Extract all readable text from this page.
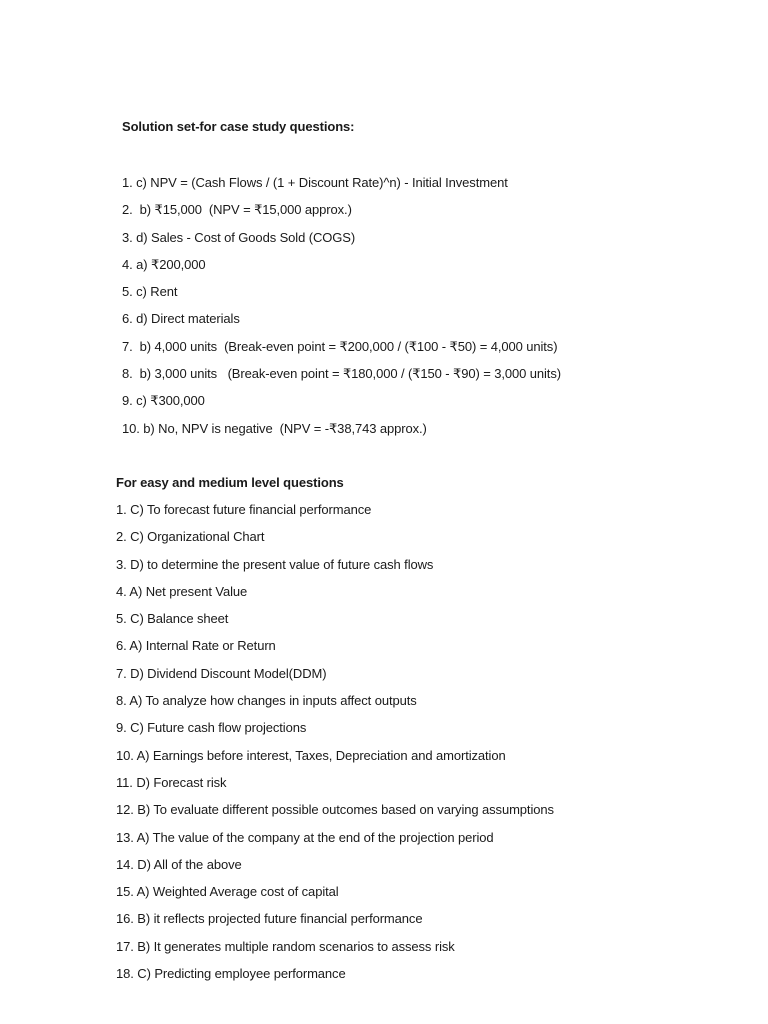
Solution set-for case study questions:
1. c) NPV = (Cash Flows / (1 + Discount Rate)^n) - Initial Investment
2.  b) ₹15,000  (NPV = ₹15,000 approx.)
3. d) Sales - Cost of Goods Sold (COGS)
4. a) ₹200,000
5. c) Rent
6. d) Direct materials
7.  b) 4,000 units  (Break-even point = ₹200,000 / (₹100 - ₹50) = 4,000 units)
8.  b) 3,000 units   (Break-even point = ₹180,000 / (₹150 - ₹90) = 3,000 units)
9. c) ₹300,000
10. b) No, NPV is negative  (NPV = -₹38,743 approx.)
For easy and medium level questions
1. C) To forecast future financial performance
2. C) Organizational Chart
3. D) to determine the present value of future cash flows
4. A) Net present Value
5. C) Balance sheet
6. A) Internal Rate or Return
7. D) Dividend Discount Model(DDM)
8. A) To analyze how changes in inputs affect outputs
9. C) Future cash flow projections
10. A) Earnings before interest, Taxes, Depreciation and amortization
11. D) Forecast risk
12. B) To evaluate different possible outcomes based on varying assumptions
13. A) The value of the company at the end of the projection period
14. D) All of the above
15. A) Weighted Average cost of capital
16. B) it reflects projected future financial performance
17. B) It generates multiple random scenarios to assess risk
18. C) Predicting employee performance
